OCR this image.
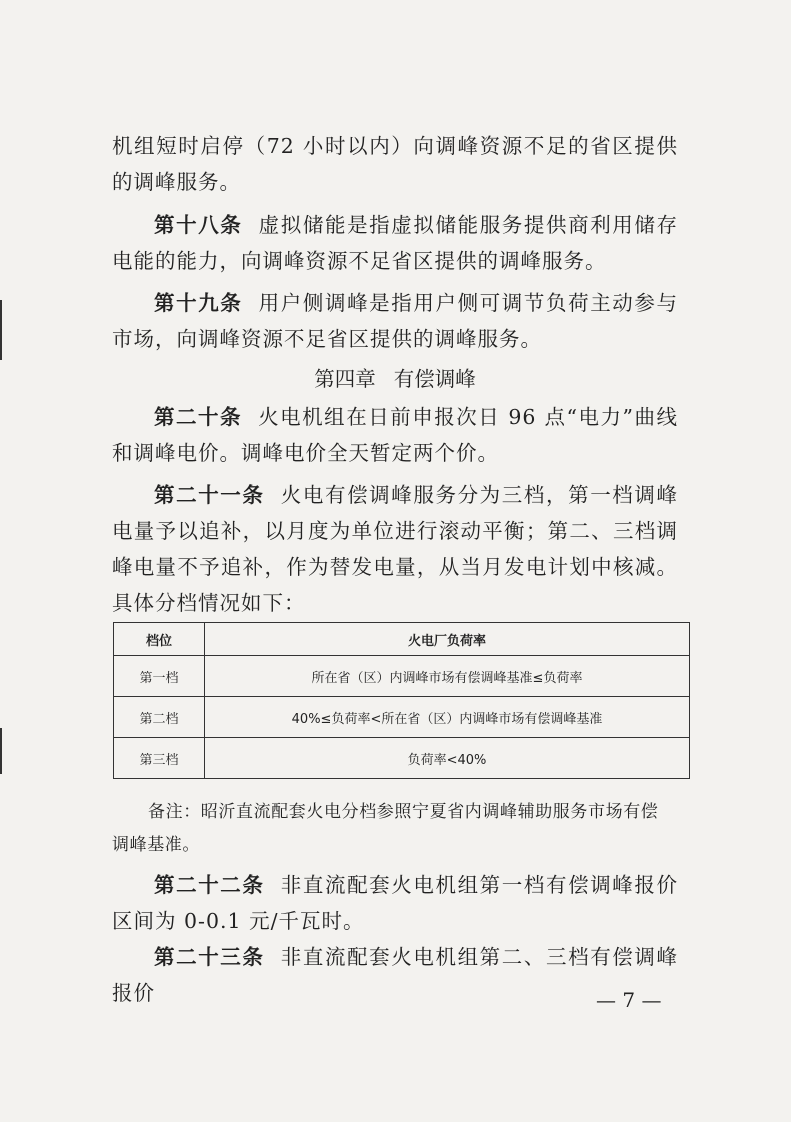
机组短时启停（72 小时以内）向调峰资源不足的省区提供的调峰服务。

第十八条 虚拟储能是指虚拟储能服务提供商利用储存电能的能力，向调峰资源不足省区提供的调峰服务。

第十九条 用户侧调峰是指用户侧可调节负荷主动参与市场，向调峰资源不足省区提供的调峰服务。

第四章 有偿调峰

第二十条 火电机组在日前申报次日 96 点“电力”曲线和调峰电价。调峰电价全天暂定两个价。

第二十一条 火电有偿调峰服务分为三档，第一档调峰电量予以追补，以月度为单位进行滚动平衡；第二、三档调峰电量不予追补，作为替发电量，从当月发电计划中核减。具体分档情况如下：

档位	火电厂负荷率
第一档	所在省（区）内调峰市场有偿调峰基准≤负荷率
第二档	40%≤负荷率<所在省（区）内调峰市场有偿调峰基准
第三档	负荷率<40%
备注：昭沂直流配套火电分档参照宁夏省内调峰辅助服务市场有偿
调峰基准。

第二十二条 非直流配套火电机组第一档有偿调峰报价区间为 0-0.1 元/千瓦时。

第二十三条 非直流配套火电机组第二、三档有偿调峰报价	— 7 —
